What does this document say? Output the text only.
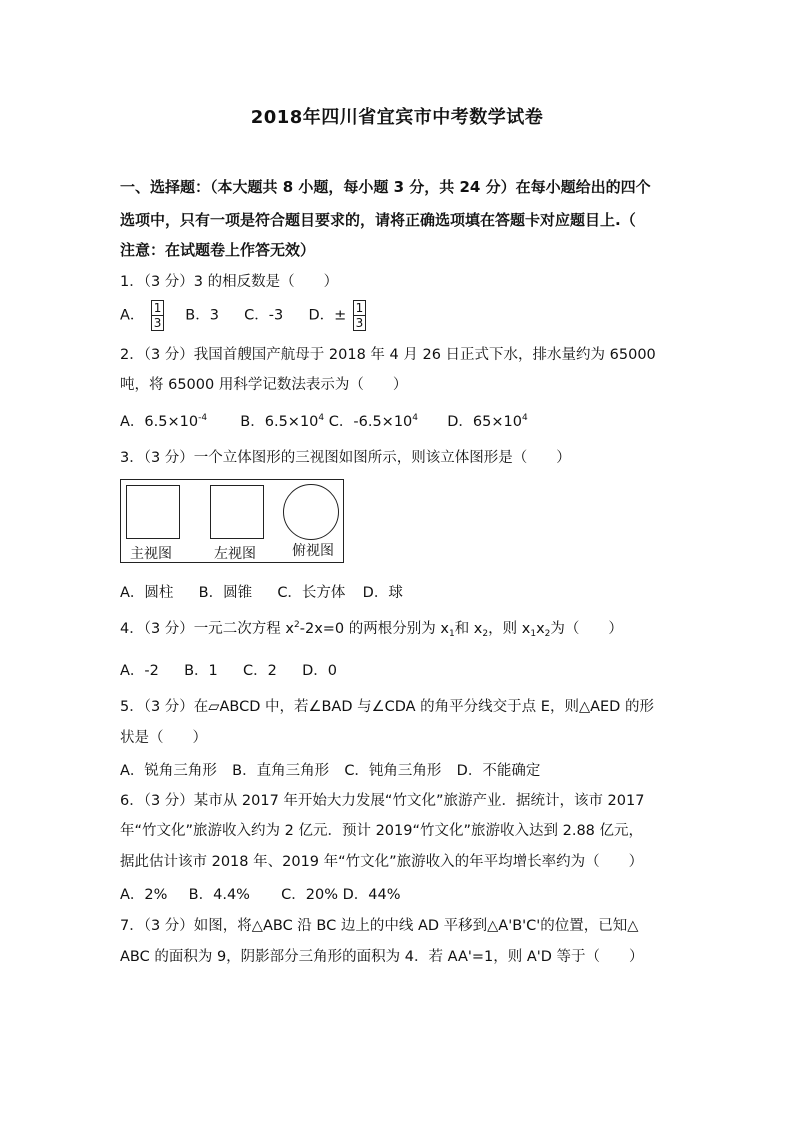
2018年四川省宜宾市中考数学试卷
一、选择题：（本大题共 8 小题，每小题 3 分，共 24 分）在每小题给出的四个
选项中，只有一项是符合题目要求的，请将正确选项填在答题卡对应题目上.（
注意：在试题卷上作答无效）
1．（3 分）3 的相反数是（　　）
A． $\frac{1}{3}$ B．3 C．-3 D．± $\frac{1}{3}$
2．（3 分）我国首艘国产航母于 2018 年 4 月 26 日正式下水，排水量约为 65000
吨，将 65000 用科学记数法表示为（　　）
A．$6.5\times 10^{-4}$ B．$6.5\times 10^4$ C．$-6.5\times 10^4$ D．$65\times 10^4$
3．（3 分）一个立体图形的三视图如图所示，则该立体图形是（　　）
主视图	左视图	俯视图
A．圆柱 B．圆锥 C．长方体 D．球
4．（3 分）一元二次方程 $x^2-2x=0$ 的两根分别为 $x_1$和 $x_2$，则 $x_1x_2$为（　　）
A．-2 B．1 C．2 D．0
5．（3 分）在▱ABCD 中，若∠BAD 与∠CDA 的角平分线交于点 E，则△AED 的形
状是（　　）
A．锐角三角形 B．直角三角形 C．钝角三角形 D．不能确定
6．（3 分）某市从 2017 年开始大力发展“竹文化”旅游产业．据统计，该市 2017
年“竹文化”旅游收入约为 2 亿元．预计 2019“竹文化”旅游收入达到 2.88 亿元，
据此估计该市 2018 年、2019 年“竹文化”旅游收入的年平均增长率约为（　　）
A．2% B．4.4% C．20% D．44%
7．（3 分）如图，将△ABC 沿 BC 边上的中线 AD 平移到△A'B'C'的位置，已知△
ABC 的面积为 9，阴影部分三角形的面积为 4．若 AA'=1，则 A'D 等于（　　）
